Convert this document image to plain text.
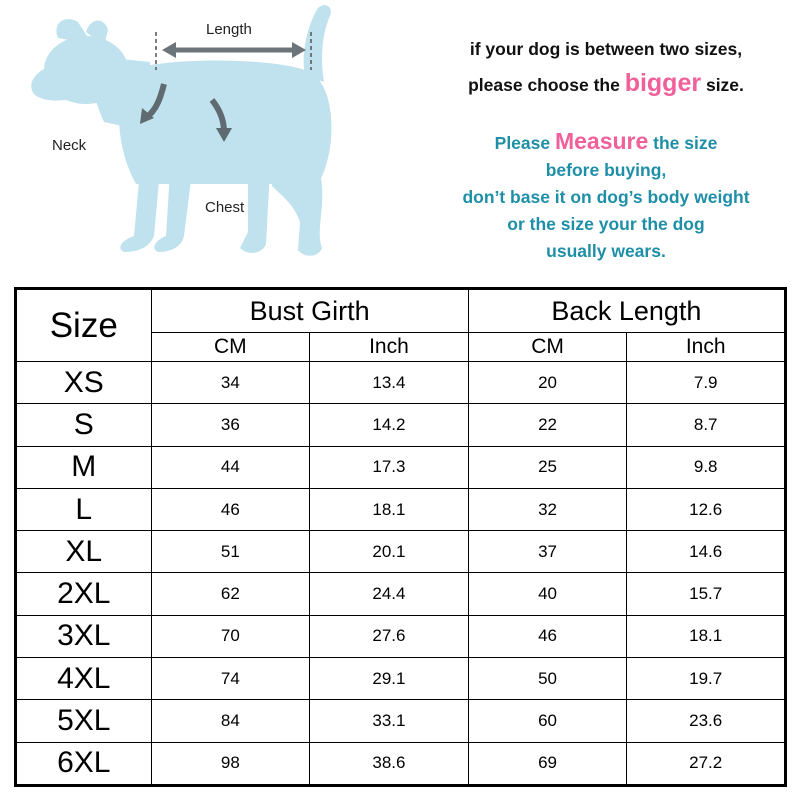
Length
Neck
Chest
if your dog is between two sizes,
please choose the bigger size.
Please Measure the size
before buying,
don’t base it on dog’s body weight
or the size your the dog
usually wears.
Size	Bust Girth		Back Length	
	CM	Inch	CM	Inch
XS	34	13.4	20	7.9
S	36	14.2	22	8.7
M	44	17.3	25	9.8
L	46	18.1	32	12.6
XL	51	20.1	37	14.6
2XL	62	24.4	40	15.7
3XL	70	27.6	46	18.1
4XL	74	29.1	50	19.7
5XL	84	33.1	60	23.6
6XL	98	38.6	69	27.2
